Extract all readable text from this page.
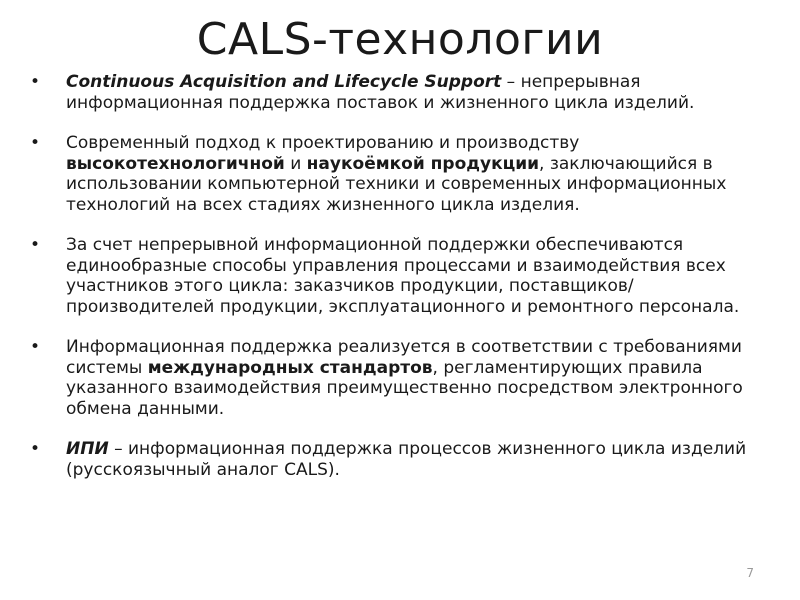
CALS-технологии
• Continuous Acquisition and Lifecycle Support – непрерывная информационная поддержка поставок и жизненного цикла изделий.
• Современный подход к проектированию и производству высокотехнологичной и наукоёмкой продукции, заключающийся в использовании компьютерной техники и современных информационных технологий на всех стадиях жизненного цикла изделия.
• За счет непрерывной информационной поддержки обеспечиваются единообразные способы управления процессами и взаимодействия всех участников этого цикла: заказчиков продукции, поставщиков/производителей продукции, эксплуатационного и ремонтного персонала.
• Информационная поддержка реализуется в соответствии с требованиями системы международных стандартов, регламентирующих правила указанного взаимодействия преимущественно посредством электронного обмена данными.
• ИПИ – информационная поддержка процессов жизненного цикла изделий (русскоязычный аналог CALS).
7
